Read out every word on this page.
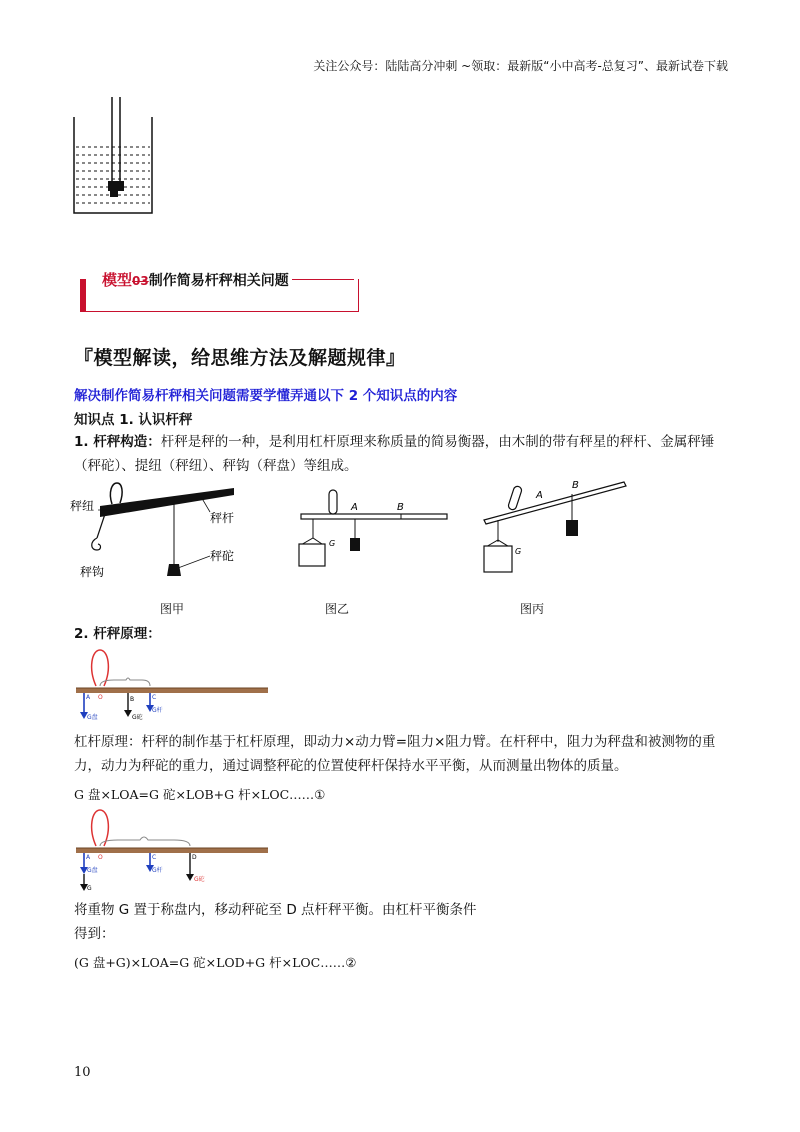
关注公众号：陆陆高分冲刺 ~领取：最新版“小中高考-总复习”、最新试卷下载
模型03制作简易杆秤相关问题
『模型解读，给思维方法及解题规律』
解决制作简易杆秤相关问题需要学懂弄通以下 2 个知识点的内容
知识点 1. 认识杆秤
1. 杆秤构造：杆秤是秤的一种，是利用杠杆原理来称质量的简易衡器，由木制的带有秤星的秤杆、金属秤锤（秤砣）、提纽（秤纽）、秤钩（秤盘）等组成。
秤纽
秤杆
秤砣
秤钩
图甲
G
A	B
图乙
G
A
B
图丙
2. 杆秤原理：
A O	B	C
G盘	G砣
G杆
杠杆原理：杆秤的制作基于杠杆原理，即动力×动力臂=阻力×阻力臂。在杆秤中，阻力为秤盘和被测物的重力，动力为秤砣的重力，通过调整秤砣的位置使秤杆保持水平平衡，从而测量出物体的质量。
G 盘×LOA=G 砣×LOB+G 杆×LOC……①
A O	C	D
G盘
G
G杆
G砣
将重物 G 置于称盘内，移动秤砣至 D 点杆秤平衡。由杠杆平衡条件
得到：
(G 盘+G)×LOA=G 砣×LOD+G 杆×LOC……②
10
